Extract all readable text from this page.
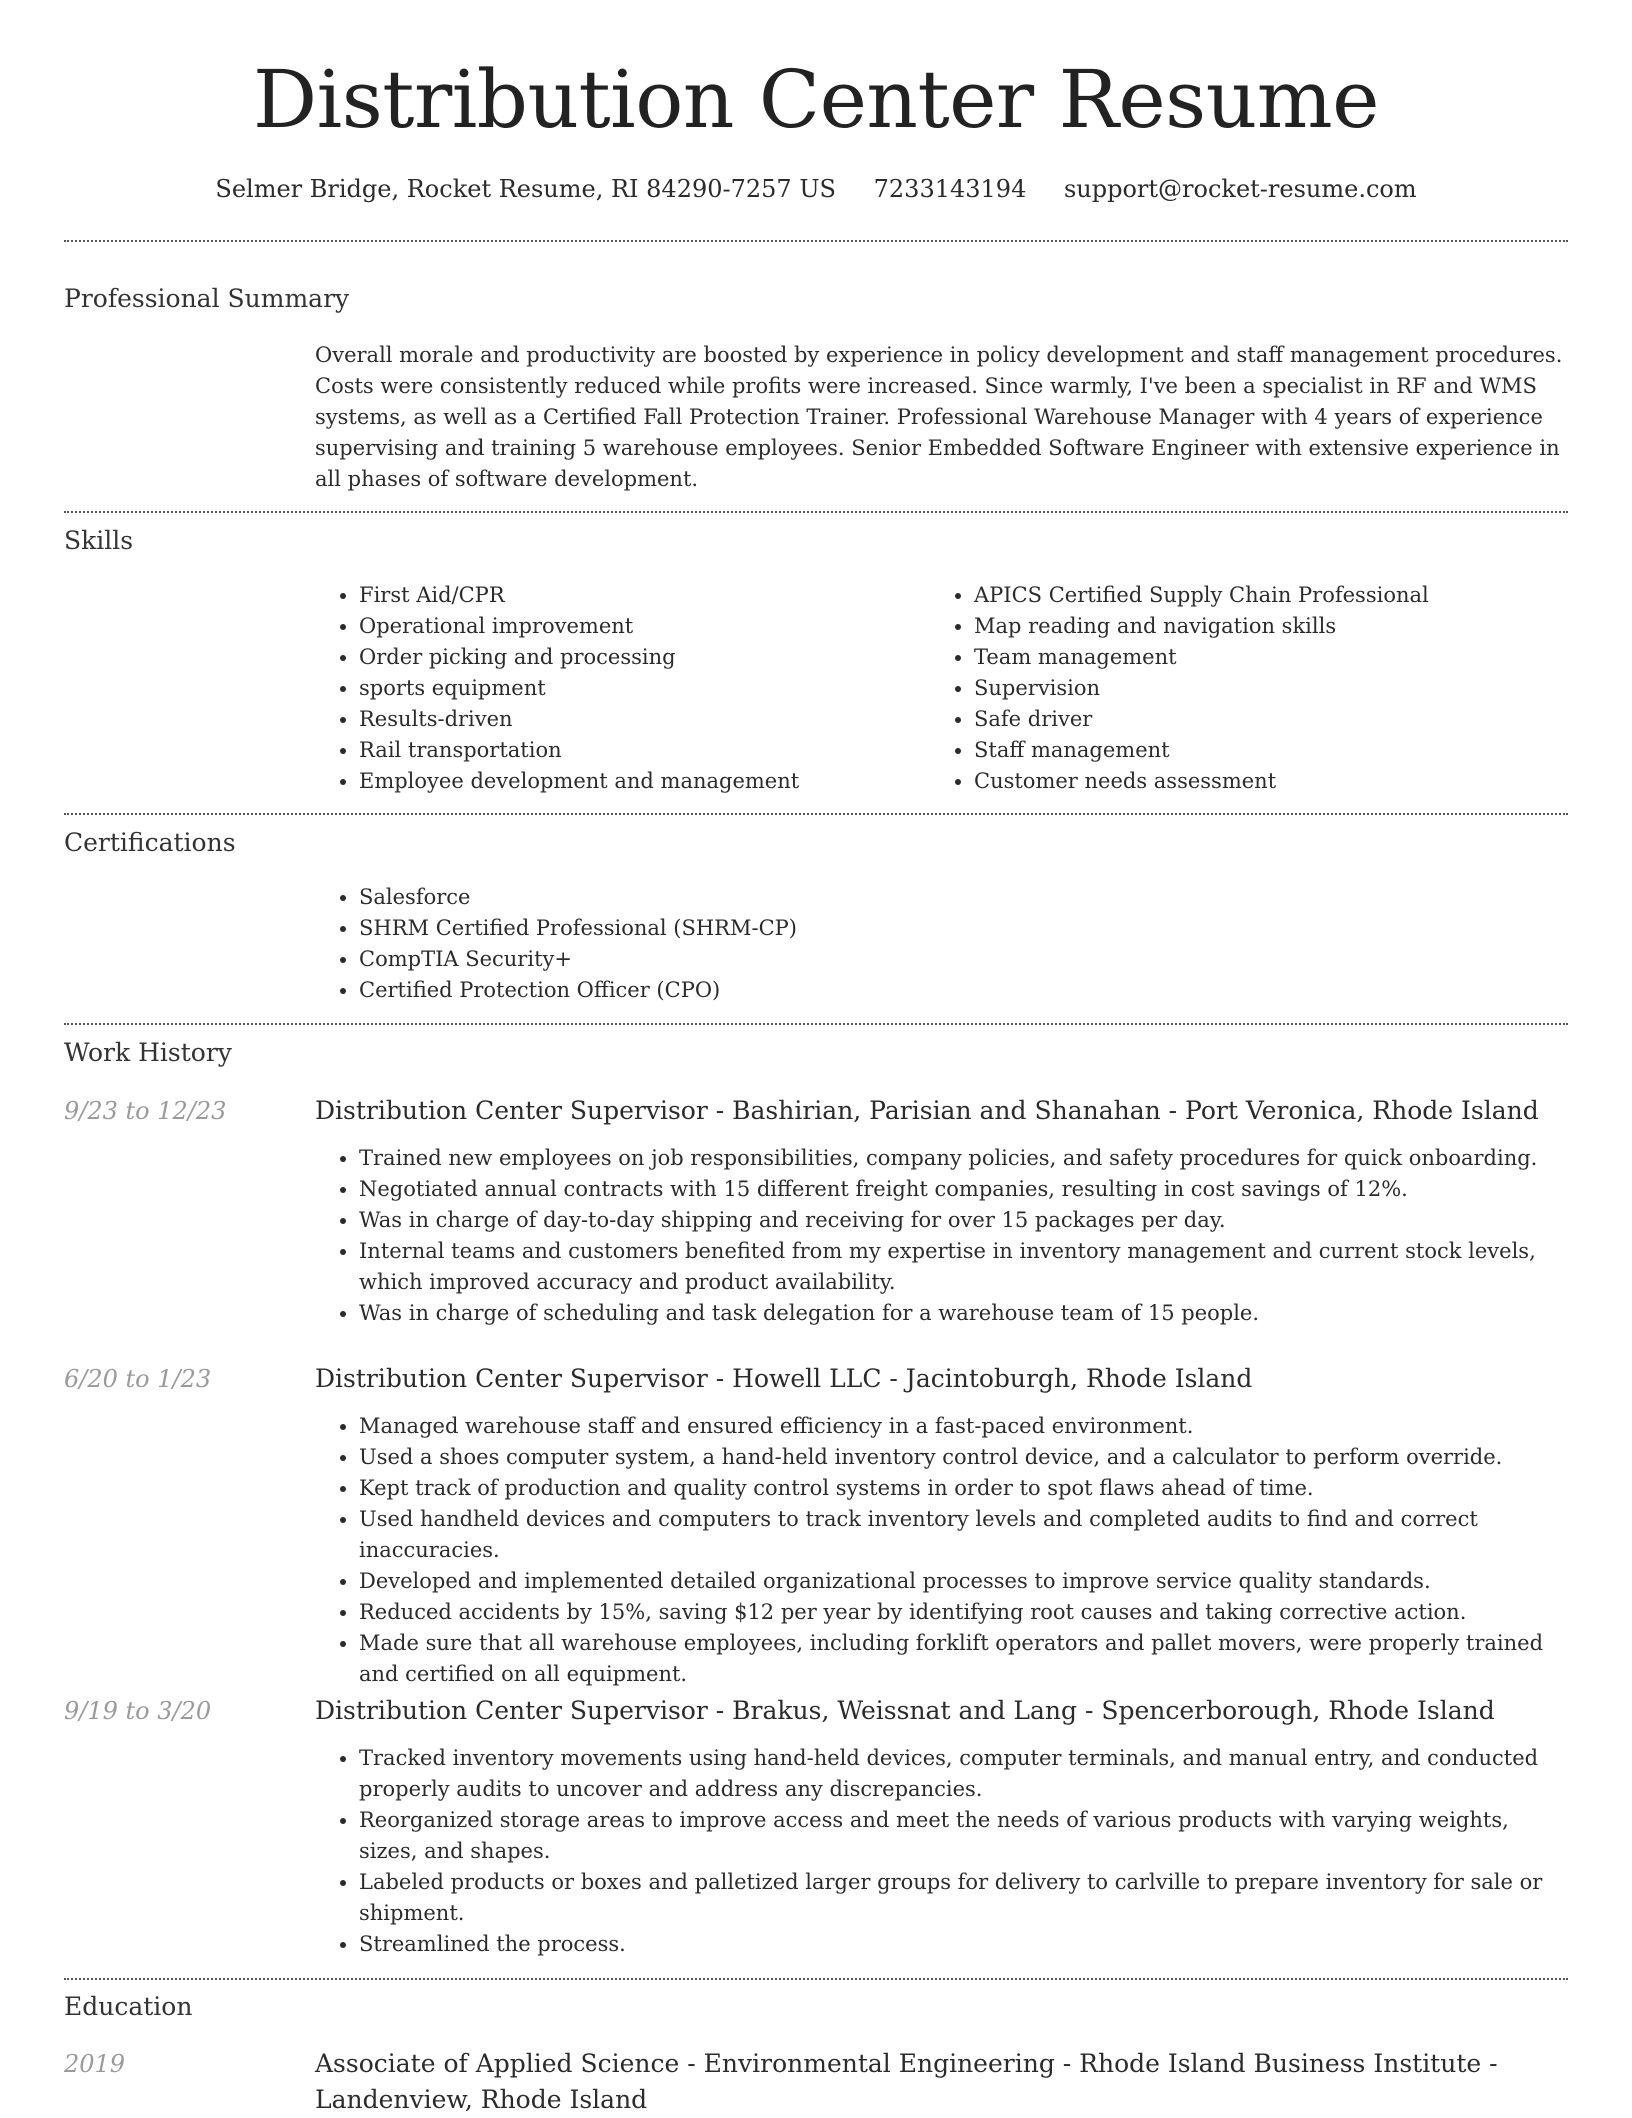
Distribution Center Resume
Selmer Bridge, Rocket Resume, RI 84290-7257 US 7233143194 support@rocket-resume.com
Professional Summary
Overall morale and productivity are boosted by experience in policy development and staff management procedures. Costs were consistently reduced while profits were increased. Since warmly, I've been a specialist in RF and WMS systems, as well as a Certified Fall Protection Trainer. Professional Warehouse Manager with 4 years of experience supervising and training 5 warehouse employees. Senior Embedded Software Engineer with extensive experience in all phases of software development.
Skills
• First Aid/CPR
• Operational improvement
• Order picking and processing
• sports equipment
• Results-driven
• Rail transportation
• Employee development and management
• APICS Certified Supply Chain Professional
• Map reading and navigation skills
• Team management
• Supervision
• Safe driver
• Staff management
• Customer needs assessment
Certifications
• Salesforce
• SHRM Certified Professional (SHRM-CP)
• CompTIA Security+
• Certified Protection Officer (CPO)
Work History
9/23 to 12/23	Distribution Center Supervisor - Bashirian, Parisian and Shanahan - Port Veronica, Rhode Island
• Trained new employees on job responsibilities, company policies, and safety procedures for quick onboarding.
• Negotiated annual contracts with 15 different freight companies, resulting in cost savings of 12%.
• Was in charge of day-to-day shipping and receiving for over 15 packages per day.
• Internal teams and customers benefited from my expertise in inventory management and current stock levels, which improved accuracy and product availability.
• Was in charge of scheduling and task delegation for a warehouse team of 15 people.
6/20 to 1/23	Distribution Center Supervisor - Howell LLC - Jacintoburgh, Rhode Island
• Managed warehouse staff and ensured efficiency in a fast-paced environment.
• Used a shoes computer system, a hand-held inventory control device, and a calculator to perform override.
• Kept track of production and quality control systems in order to spot flaws ahead of time.
• Used handheld devices and computers to track inventory levels and completed audits to find and correct inaccuracies.
• Developed and implemented detailed organizational processes to improve service quality standards.
• Reduced accidents by 15%, saving $12 per year by identifying root causes and taking corrective action.
• Made sure that all warehouse employees, including forklift operators and pallet movers, were properly trained and certified on all equipment.
9/19 to 3/20	Distribution Center Supervisor - Brakus, Weissnat and Lang - Spencerborough, Rhode Island
• Tracked inventory movements using hand-held devices, computer terminals, and manual entry, and conducted properly audits to uncover and address any discrepancies.
• Reorganized storage areas to improve access and meet the needs of various products with varying weights, sizes, and shapes.
• Labeled products or boxes and palletized larger groups for delivery to carlville to prepare inventory for sale or shipment.
• Streamlined the process.
Education
2019	Associate of Applied Science - Environmental Engineering - Rhode Island Business Institute - Landenview, Rhode Island
